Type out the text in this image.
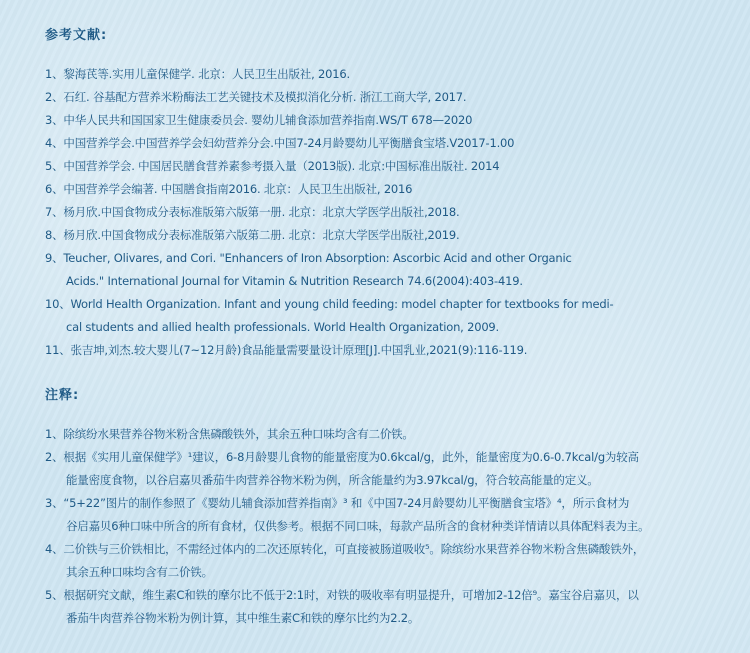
参考文献:
1、黎海芪等.实用儿童保健学. 北京：人民卫生出版社, 2016.
2、石红. 谷基配方营养米粉酶法工艺关键技术及模拟消化分析. 浙江工商大学, 2017.
3、中华人民共和国国家卫生健康委员会. 婴幼儿辅食添加营养指南.WS/T 678—2020
4、中国营养学会.中国营养学会妇幼营养分会.中国7-24月龄婴幼儿平衡膳食宝塔.V2017-1.00
5、中国营养学会. 中国居民膳食营养素参考摄入量（2013版). 北京:中国标准出版社. 2014
6、中国营养学会编著. 中国膳食指南2016. 北京：人民卫生出版社, 2016
7、杨月欣.中国食物成分表标准版第六版第一册. 北京：北京大学医学出版社,2018.
8、杨月欣.中国食物成分表标准版第六版第二册. 北京：北京大学医学出版社,2019.
9、Teucher, Olivares, and Cori. "Enhancers of Iron Absorption: Ascorbic Acid and other Organic
Acids." International Journal for Vitamin & Nutrition Research 74.6(2004):403-419.
10、World Health Organization. Infant and young child feeding: model chapter for textbooks for medi-
cal students and allied health professionals. World Health Organization, 2009.
11、张吉坤,刘杰.较大婴儿(7~12月龄)食品能量需要量设计原理[J].中国乳业,2021(9):116-119.
注释:
1、除缤纷水果营养谷物米粉含焦磷酸铁外，其余五种口味均含有二价铁。
2、根据《实用儿童保健学》¹建议，6-8月龄婴儿食物的能量密度为0.6kcal/g，此外，能量密度为0.6-0.7kcal/g为较高
能量密度食物，以谷启嘉贝番茄牛肉营养谷物米粉为例，所含能量约为3.97kcal/g，符合较高能量的定义。
3、“5+22”图片的制作参照了《婴幼儿辅食添加营养指南》³ 和《中国7-24月龄婴幼儿平衡膳食宝塔》⁴，所示食材为
谷启嘉贝6种口味中所含的所有食材，仅供参考。根据不同口味，每款产品所含的食材种类详情请以具体配料表为主。
4、二价铁与三价铁相比，不需经过体内的二次还原转化，可直接被肠道吸收⁵。除缤纷水果营养谷物米粉含焦磷酸铁外，
其余五种口味均含有二价铁。
5、根据研究文献，维生素C和铁的摩尔比不低于2:1时，对铁的吸收率有明显提升，可增加2-12倍⁹。嘉宝谷启嘉贝，以
番茄牛肉营养谷物米粉为例计算，其中维生素C和铁的摩尔比约为2.2。
